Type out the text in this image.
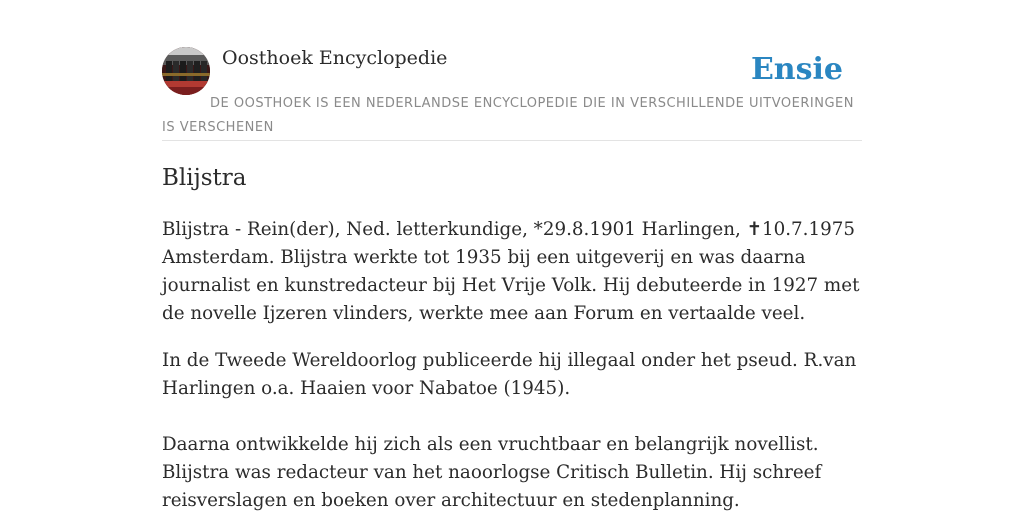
Oosthoek Encyclopedie	Ensie
DE OOSTHOEK IS EEN NEDERLANDSE ENCYCLOPEDIE DIE IN VERSCHILLENDE UITVOERINGEN IS VERSCHENEN
Blijstra

Blijstra - Rein(der), Ned. letterkundige, *29.8.1901 Harlingen, ✝10.7.1975 Amsterdam. Blijstra werkte tot 1935 bij een uitgeverij en was daarna journalist en kunstredacteur bij Het Vrije Volk. Hij debuteerde in 1927 met de novelle Ijzeren vlinders, werkte mee aan Forum en vertaalde veel.

In de Tweede Wereldoorlog publiceerde hij illegaal onder het pseud. R.van Harlingen o.a. Haaien voor Nabatoe (1945).

Daarna ontwikkelde hij zich als een vruchtbaar en belangrijk novellist. Blijstra was redacteur van het naoorlogse Critisch Bulletin. Hij schreef reisverslagen en boeken over architectuur en stedenplanning.
